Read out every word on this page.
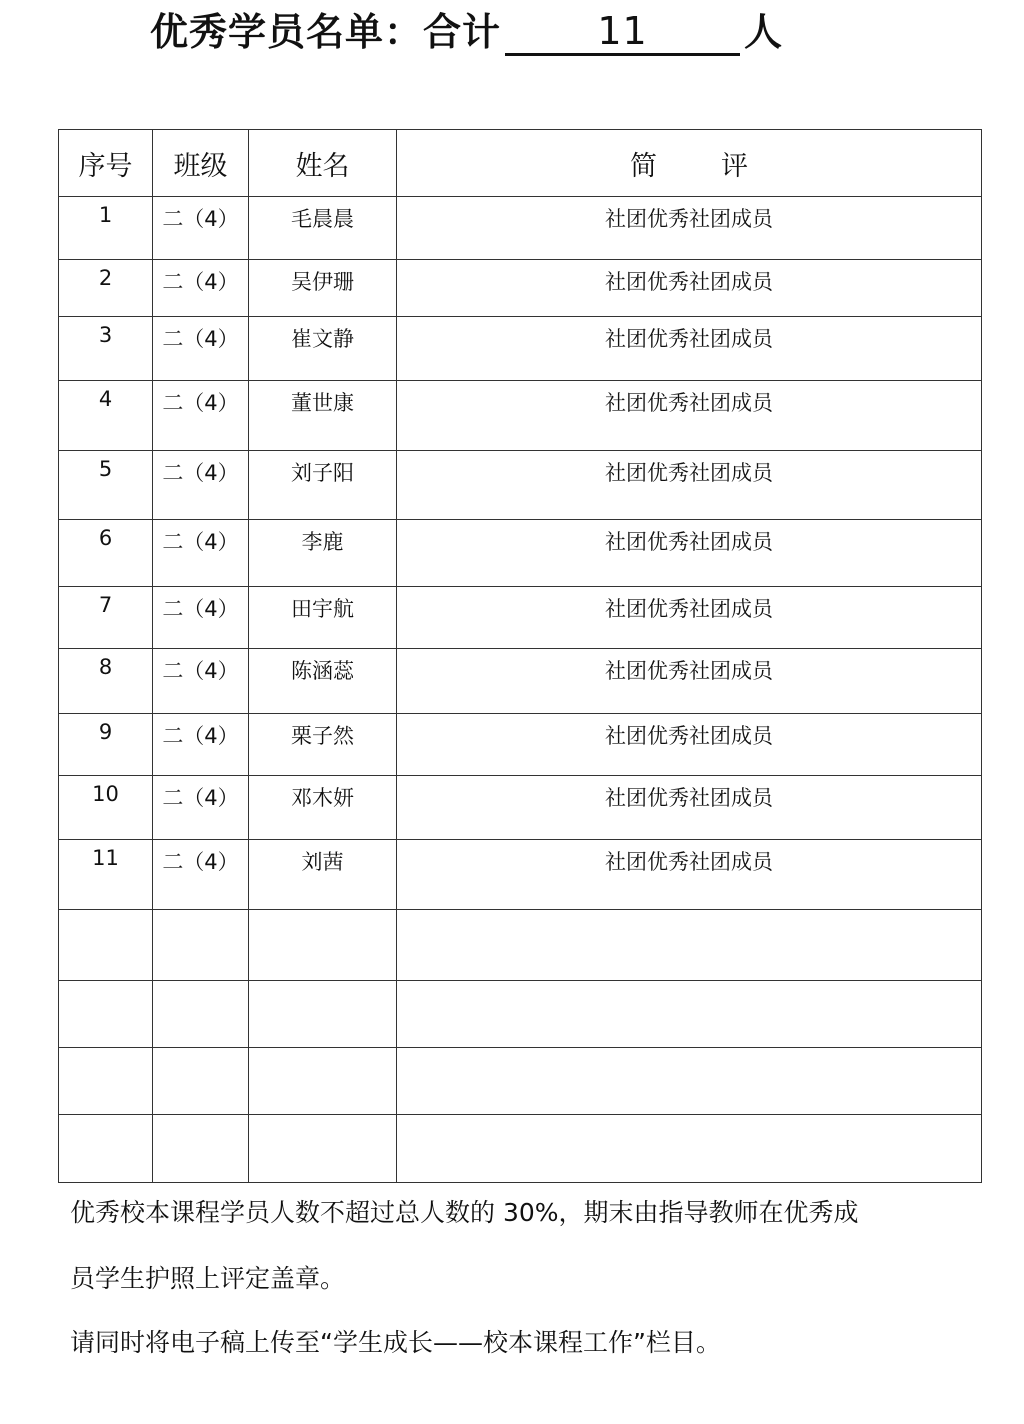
优秀学员名单：合计	11	人
序号	班级	姓名	简 评
1	二（4）	毛晨晨	社团优秀社团成员
2	二（4）	吴伊珊	社团优秀社团成员
3	二（4）	崔文静	社团优秀社团成员
4	二（4）	董世康	社团优秀社团成员
5	二（4）	刘子阳	社团优秀社团成员
6	二（4）	李鹿	社团优秀社团成员
7	二（4）	田宇航	社团优秀社团成员
8	二（4）	陈涵蕊	社团优秀社团成员
9	二（4）	栗子然	社团优秀社团成员
10	二（4）	邓木妍	社团优秀社团成员
11	二（4）	刘茜	社团优秀社团成员

优秀校本课程学员人数不超过总人数的 30%，期末由指导教师在优秀成

员学生护照上评定盖章。

请同时将电子稿上传至“学生成长——校本课程工作”栏目。
